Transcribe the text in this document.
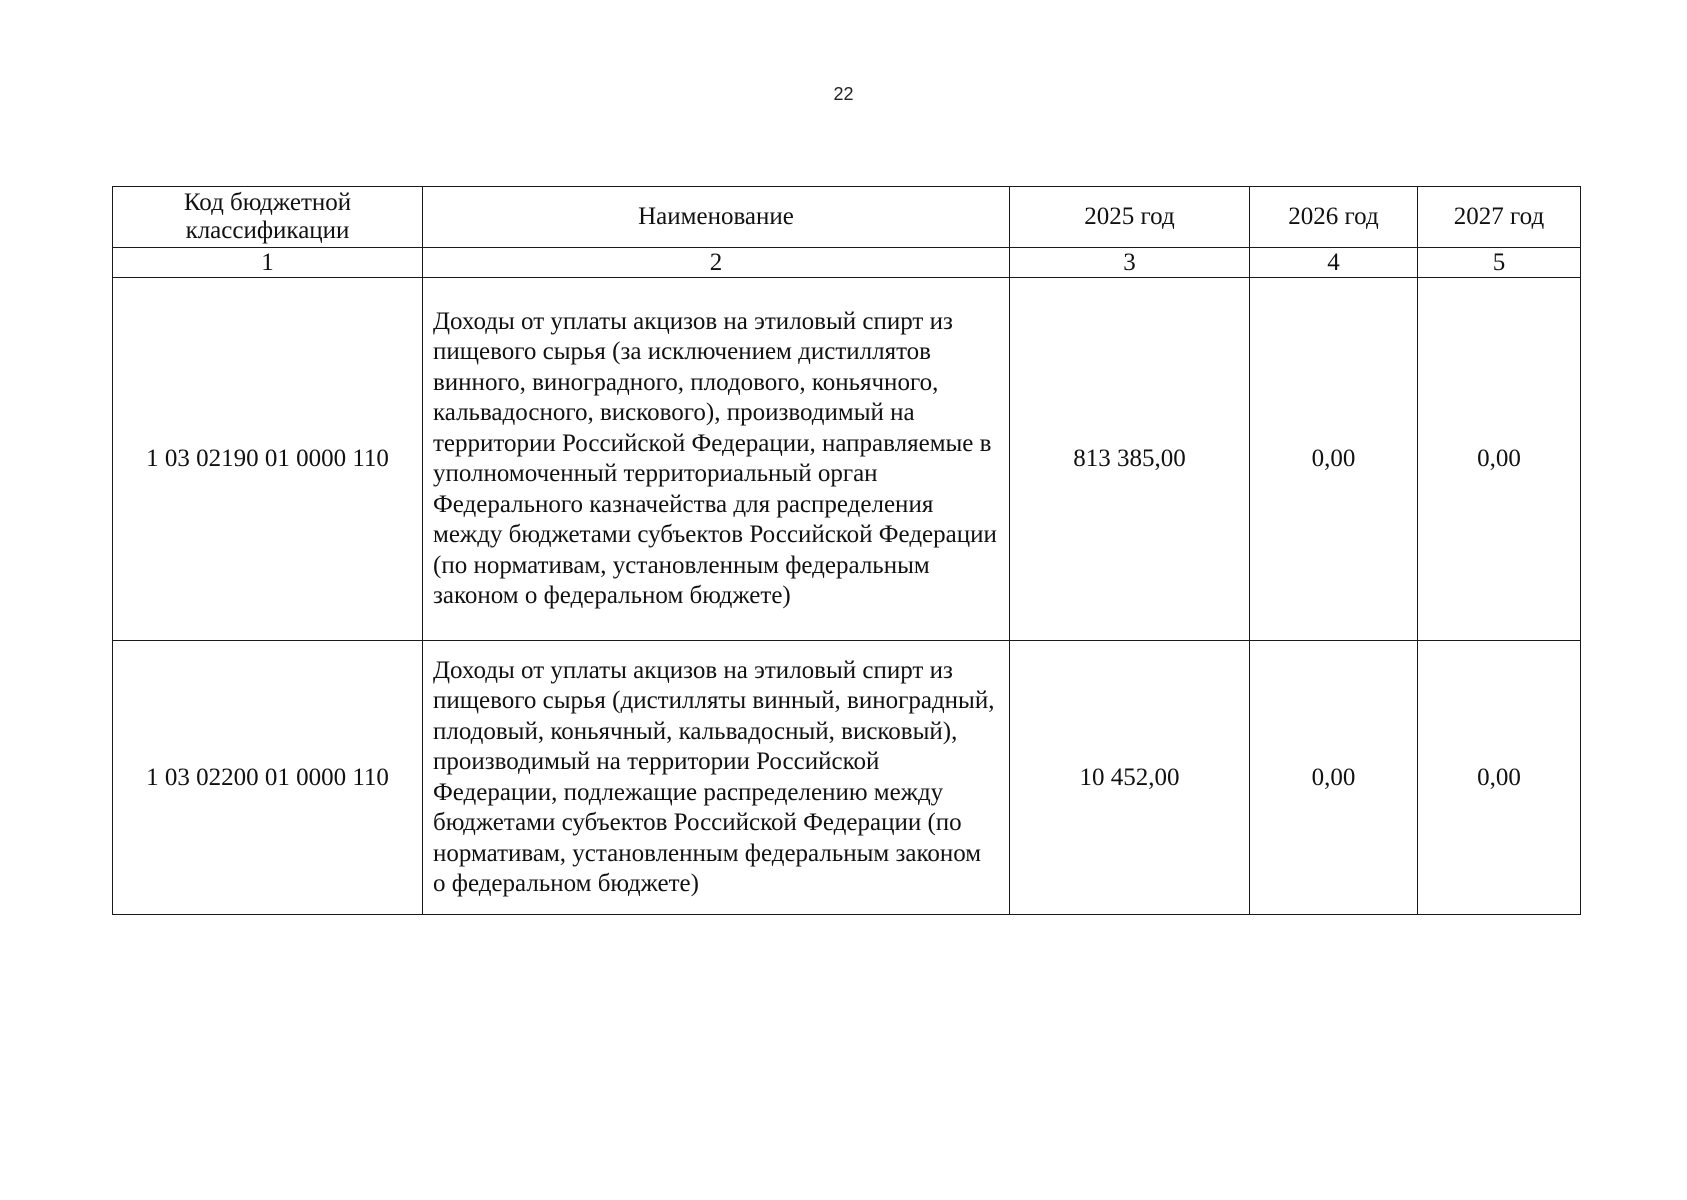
22
Код бюджетной классификации	Наименование	2025 год	2026 год	2027 год
1	2	3	4	5
1 03 02190 01 0000 110	Доходы от уплаты акцизов на этиловый спирт из пищевого сырья (за исключением дистиллятов винного, виноградного, плодового, коньячного, кальвадосного, вискового), производимый на территории Российской Федерации, направляемые в уполномоченный территориальный орган Федерального казначейства для распределения между бюджетами субъектов Российской Федерации (по нормативам, установленным федеральным законом о федеральном бюджете)	813 385,00	0,00	0,00
1 03 02200 01 0000 110	Доходы от уплаты акцизов на этиловый спирт из пищевого сырья (дистилляты винный, виноградный, плодовый, коньячный, кальвадосный, висковый), производимый на территории Российской Федерации, подлежащие распределению между бюджетами субъектов Российской Федерации (по нормативам, установленным федеральным законом о федеральном бюджете)	10 452,00	0,00	0,00
